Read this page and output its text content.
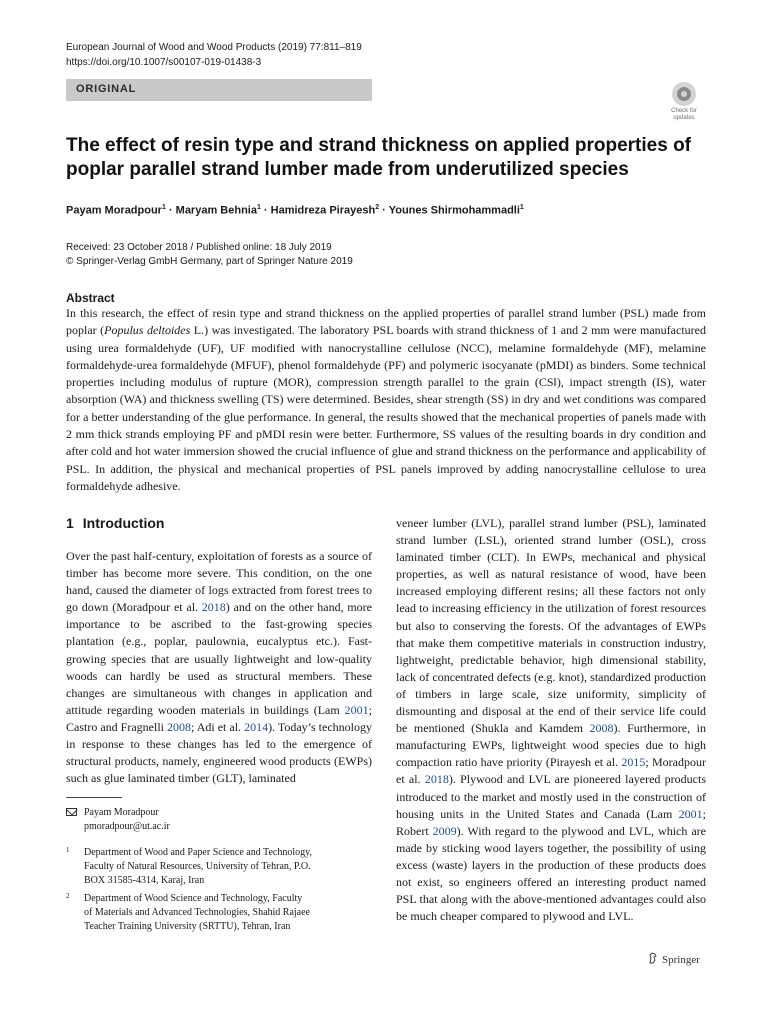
European Journal of Wood and Wood Products (2019) 77:811–819
https://doi.org/10.1007/s00107-019-01438-3
ORIGINAL
Check for
updates
The effect of resin type and strand thickness on applied properties of poplar parallel strand lumber made from underutilized species
Payam Moradpour$^1$ · Maryam Behnia$^1$ · Hamidreza Pirayesh$^2$ · Younes Shirmohammadli$^1$
Received: 23 October 2018 / Published online: 18 July 2019
© Springer-Verlag GmbH Germany, part of Springer Nature 2019
Abstract

In this research, the effect of resin type and strand thickness on the applied properties of parallel strand lumber (PSL) made from poplar (Populus deltoides L.) was investigated. The laboratory PSL boards with strand thickness of 1 and 2 mm were manufactured using urea formaldehyde (UF), UF modified with nanocrystalline cellulose (NCC), melamine formaldehyde (MF), melamine formaldehyde-urea formaldehyde (MFUF), phenol formaldehyde (PF) and polymeric isocyanate (pMDI) as binders. Some technical properties including modulus of rupture (MOR), compression strength parallel to the grain (CSǁ), impact strength (IS), water absorption (WA) and thickness swelling (TS) were determined. Besides, shear strength (SS) in dry and wet conditions was compared for a better understanding of the glue performance. In general, the results showed that the mechanical properties of panels made with 2 mm thick strands employing PF and pMDI resin were better. Furthermore, SS values of the resulting boards in dry condition and after cold and hot water immersion showed the crucial influence of glue and strand thickness on the performance and applicability of PSL. In addition, the physical and mechanical properties of PSL panels improved by adding nanocrystalline cellulose to urea formaldehyde adhesive.

1 Introduction

Over the past half-century, exploitation of forests as a source of timber has become more severe. This condition, on the one hand, caused the diameter of logs extracted from forest trees to go down (Moradpour et al. 2018) and on the other hand, more importance to be ascribed to the fast-growing species plantation (e.g., poplar, paulownia, eucalyptus etc.). Fast-growing species that are usually lightweight and low-quality woods can hardly be used as structural members. These changes are simultaneous with changes in application and attitude regarding wooden materials in buildings (Lam 2001; Castro and Fragnelli 2008; Adi et al. 2014). Today’s technology in response to these changes has led to the emergence of structural products, namely, engineered wood products (EWPs) such as glue laminated timber (GLT), laminated

veneer lumber (LVL), parallel strand lumber (PSL), laminated strand lumber (LSL), oriented strand lumber (OSL), cross laminated timber (CLT). In EWPs, mechanical and physical properties, as well as natural resistance of wood, have been increased employing different resins; all these factors not only lead to increasing efficiency in the utilization of forest resources but also to conserving the forests. Of the advantages of EWPs that make them competitive materials in construction industry, lightweight, predictable behavior, high dimensional stability, lack of concentrated defects (e.g. knot), standardized production of timbers in large scale, size uniformity, simplicity of dismounting and disposal at the end of their service life could be mentioned (Shukla and Kamdem 2008). Furthermore, in manufacturing EWPs, lightweight wood species due to high compaction ratio have priority (Pirayesh et al. 2015; Moradpour et al. 2018). Plywood and LVL are pioneered layered products introduced to the market and mostly used in the construction of housing units in the United States and Canada (Lam 2001; Robert 2009). With regard to the plywood and LVL, which are made by sticking wood layers together, the possibility of using excess (waste) layers in the production of these products does not exist, so engineers offered an interesting product named PSL that along with the above-mentioned advantages could also be much cheaper compared to plywood and LVL.

Payam Moradpour
pmoradpour@ut.ac.ir
1 Department of Wood and Paper Science and Technology,
Faculty of Natural Resources, University of Tehran, P.O.
BOX 31585-4314, Karaj, Iran
2 Department of Wood Science and Technology, Faculty
of Materials and Advanced Technologies, Shahid Rajaee
Teacher Training University (SRTTU), Tehran, Iran
Springer
